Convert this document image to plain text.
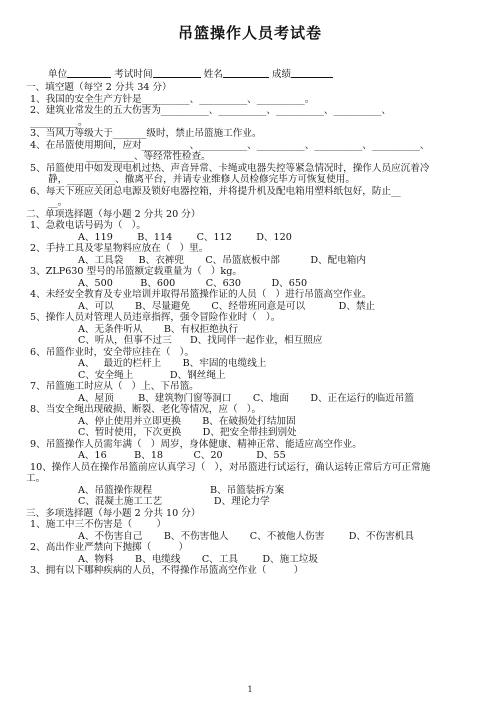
吊篮操作人员考试卷
单位	考试时间	姓名	成绩
一、填空题（每空 2 分共 34 分）
1、我国的安全生产方针是__________、__________、__________。
2、建筑业常发生的五大伤害为__________、__________、__________、__________、
__________。
3、当风力等级大于_______级时，禁止吊篮施工作业。
4、在吊篮使用期间，应对__________、__________、__________、__________、__________、
__________、等经常性检查。
5、吊篮使用中如发现电机过热、声音异常、卡绳或电器失控等紧急情况时，操作人员应沉着冷
静，__________、撤离平台，并请专业维修人员检修完毕方可恢复使用。
6、每天下班应关闭总电源及锁好电器控箱，并将提升机及配电箱用塑料纸包好，防止__
__。
二、单项选择题（每小题 2 分共 20 分）
1、急救电话号码为（   ）。
A、119        B、114        C、112        D、120
2、手持工具及零星物料应放在（   ）里。
A、工具袋     B、衣裤兜       C、吊篮底板中部          D、配电箱内
3、ZLP630 型号的吊篮额定载重量为（   ）kg。
A、500         B、600          C、630          D、650
4、未经安全教育及专业培训并取得吊篮操作证的人员（   ）进行吊篮高空作业。
A、可以       B、尽量避免       C、经带班同意是可以           D、禁止
5、操作人员对管理人员违章指挥，强令冒险作业时（   ）。
A、无条件听从       B、有权拒绝执行
C、听从，但事不过三      D、找同伴一起作业，相互照应
6、吊篮作业时，安全带应挂在（   ）。
A、   最近的栏杆上       B、牢固的电缆线上
C、安全绳上            D、钢丝绳上
7、吊篮施工时应从（   ）上、下吊篮。
A、屋顶        B、建筑物门窗等洞口       C、地面       D、正在运行的临近吊篮
8、当安全绳出现破损、断裂、老化等情况，应（   ）。
A、停止使用并立即更换       B、在破损处打结加固
C、暂时使用，下次更换       D、把安全带挂到别处
9、吊篮操作人员需年满（   ）周岁，身体健康、精神正常、能适应高空作业。
A、16         B、18          C、20           D、55
10、操作人员在操作吊篮前应认真学习（   ），对吊篮进行试运行，确认运转正常后方可正常施
工。
A、吊篮操作规程                   B、吊篮装拆方案
C、混凝土施工工艺                 D、理论力学
三、多项选择题（每小题 2 分共 10 分）
1、施工中三不伤害是（        ）
A、不伤害自己       B、不伤害他人       C、不被他人伤害        D、不伤害机具
2、高出作业严禁向下抛掷（         ）
A、物料       B、电缆线       C、工具        D、施工垃圾
3、拥有以下哪种疾病的人员，不得操作吊篮高空作业（         ）
1
